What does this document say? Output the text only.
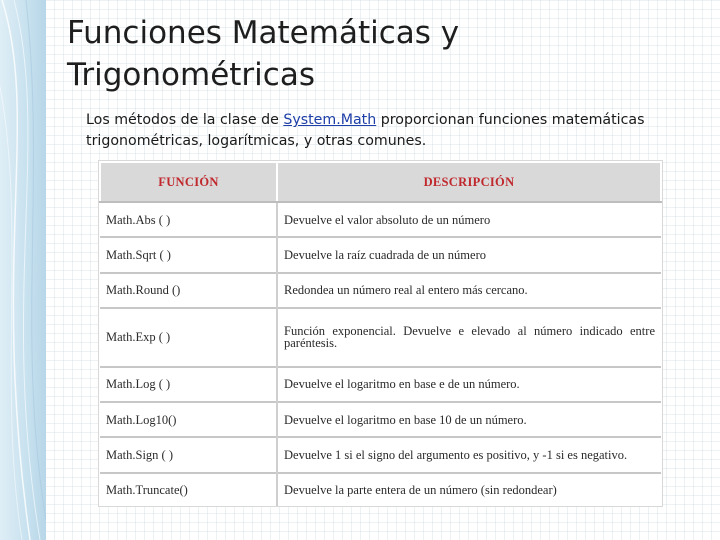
Funciones Matemáticas y Trigonométricas
Los métodos de la clase de System.Math proporcionan funciones matemáticas trigonométricas, logarítmicas, y otras comunes.
FUNCIÓN	DESCRIPCIÓN
Math.Abs ( )	Devuelve el valor absoluto de un número
Math.Sqrt ( )	Devuelve la raíz cuadrada de un número
Math.Round ()	Redondea un número real al entero más cercano.
Math.Exp ( )	Función exponencial. Devuelve e elevado al número indicado entre paréntesis.
Math.Log ( )	Devuelve el logaritmo en base e de un número.
Math.Log10()	Devuelve el logaritmo en base 10 de un número.
Math.Sign ( )	Devuelve 1 si el signo del argumento es positivo, y -1 si es negativo.
Math.Truncate()	Devuelve la parte entera de un número (sin redondear)
